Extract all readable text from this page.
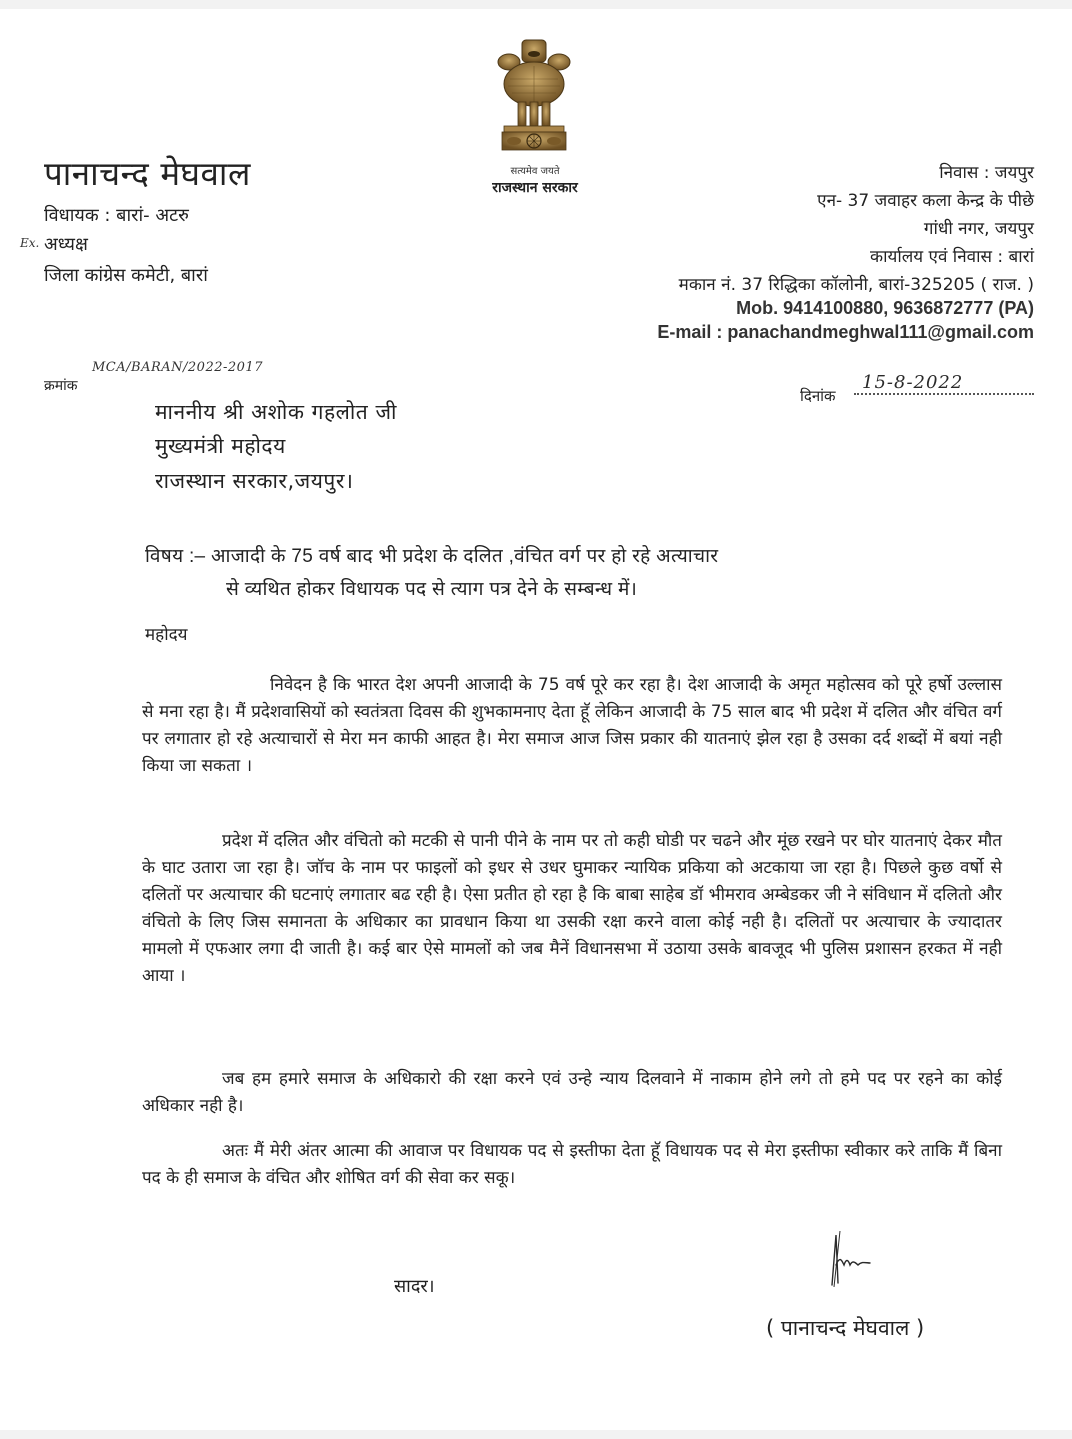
पानाचन्द मेघवाल
विधायक : बारां- अटरु
Ex. अध्यक्ष
जिला कांग्रेस कमेटी, बारां
सत्यमेव जयते
राजस्थान सरकार
निवास : जयपुर
एन- 37 जवाहर कला केन्द्र के पीछे
गांधी नगर, जयपुर
कार्यालय एवं निवास : बारां
मकान नं. 37 रिद्धिका कॉलोनी, बारां-325205 ( राज. )
Mob. 9414100880, 9636872777 (PA)
E-mail : panachandmeghwal111@gmail.com
क्रमांक
MCA/BARAN/2022-2017
दिनांक
15-8-2022
माननीय श्री अशोक गहलोत जी
मुख्यमंत्री महोदय
राजस्थान सरकार,जयपुर।
विषय :– आजादी के 75 वर्ष बाद भी प्रदेश के दलित ,वंचित वर्ग पर हो रहे अत्याचार
से व्यथित होकर विधायक पद से त्याग पत्र देने के सम्बन्ध में।
महोदय
निवेदन है कि भारत देश अपनी आजादी के 75 वर्ष पूरे कर रहा है। देश आजादी के अमृत महोत्सव को पूरे हर्षो उल्लास से मना रहा है। मैं प्रदेशवासियों को स्वतंत्रता दिवस की शुभकामनाए देता हूॅ लेकिन आजादी के 75 साल बाद भी प्रदेश में दलित और वंचित वर्ग पर लगातार हो रहे अत्याचारों से मेरा मन काफी आहत है। मेरा समाज आज जिस प्रकार की यातनाएं झेल रहा है उसका दर्द शब्दों में बयां नही किया जा सकता ।
प्रदेश में दलित और वंचितो को मटकी से पानी पीने के नाम पर तो कही घोडी पर चढने और मूंछ रखने पर घोर यातनाएं देकर मौत के घाट उतारा जा रहा है। जॉच के नाम पर फाइलों को इधर से उधर घुमाकर न्यायिक प्रकिया को अटकाया जा रहा है। पिछले कुछ वर्षो से दलितों पर अत्याचार की घटनाएं लगातार बढ रही है। ऐसा प्रतीत हो रहा है कि बाबा साहेब डॉ भीमराव अम्बेडकर जी ने संविधान में दलितो और वंचितो के लिए जिस समानता के अधिकार का प्रावधान किया था उसकी रक्षा करने वाला कोई नही है। दलितों पर अत्याचार के ज्यादातर मामलो में एफआर लगा दी जाती है। कई बार ऐसे मामलों को जब मैनें विधानसभा में उठाया उसके बावजूद भी पुलिस प्रशासन हरकत में नही आया ।
जब हम हमारे समाज के अधिकारो की रक्षा करने एवं उन्हे न्याय दिलवाने में नाकाम होने लगे तो हमे पद पर रहने का कोई अधिकार नही है।
अतः मैं मेरी अंतर आत्मा की आवाज पर विधायक पद से इस्तीफा देता हूॅ विधायक पद से मेरा इस्तीफा स्वीकार करे ताकि मैं बिना पद के ही समाज के वंचित और शोषित वर्ग की सेवा कर सकू।
सादर।
( पानाचन्द मेघवाल )
